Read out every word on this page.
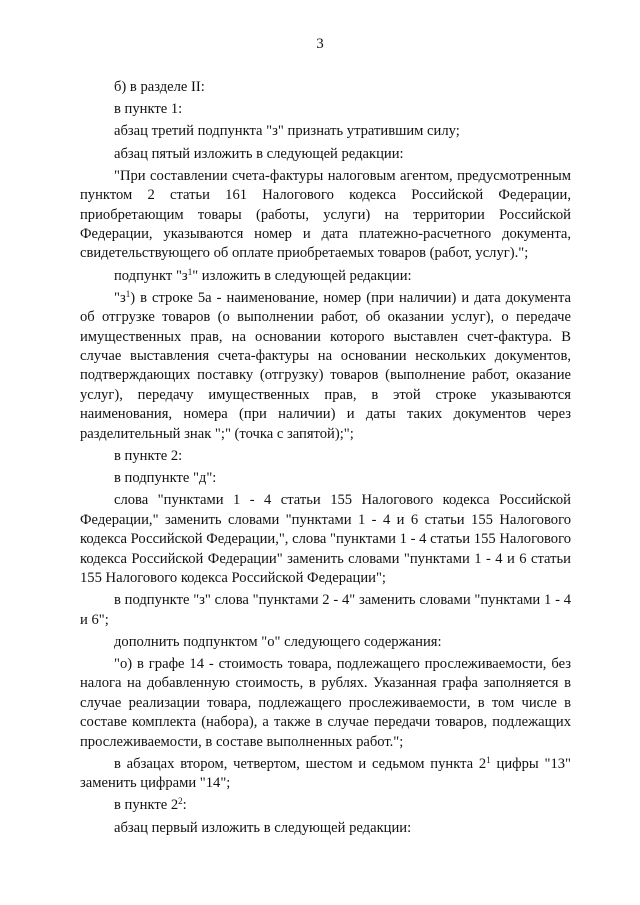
3

б) в разделе II:

в пункте 1:

абзац третий подпункта "з" признать утратившим силу;

абзац пятый изложить в следующей редакции:

"При составлении счета-фактуры налоговым агентом, предусмотренным пунктом 2 статьи 161 Налогового кодекса Российской Федерации, приобретающим товары (работы, услуги) на территории Российской Федерации, указываются номер и дата платежно-расчетного документа, свидетельствующего об оплате приобретаемых товаров (работ, услуг).";

подпункт "$з^1$" изложить в следующей редакции:

"$з^1$) в строке 5а - наименование, номер (при наличии) и дата документа об отгрузке товаров (о выполнении работ, об оказании услуг), о передаче имущественных прав, на основании которого выставлен счет-фактура. В случае выставления счета-фактуры на основании нескольких документов, подтверждающих поставку (отгрузку) товаров (выполнение работ, оказание услуг), передачу имущественных прав, в этой строке указываются наименования, номера (при наличии) и даты таких документов через разделительный знак ";" (точка с запятой);";

в пункте 2:

в подпункте "д":

слова "пунктами 1 - 4 статьи 155 Налогового кодекса Российской Федерации," заменить словами "пунктами 1 - 4 и 6 статьи 155 Налогового кодекса Российской Федерации,", слова "пунктами 1 - 4 статьи 155 Налогового кодекса Российской Федерации" заменить словами "пунктами 1 - 4 и 6 статьи 155 Налогового кодекса Российской Федерации";

в подпункте "з" слова "пунктами 2 - 4" заменить словами "пунктами 1 - 4 и 6";

дополнить подпунктом "о" следующего содержания:

"о) в графе 14 - стоимость товара, подлежащего прослеживаемости, без налога на добавленную стоимость, в рублях. Указанная графа заполняется в случае реализации товара, подлежащего прослеживаемости, в том числе в составе комплекта (набора), а также в случае передачи товаров, подлежащих прослеживаемости, в составе выполненных работ.";

в абзацах втором, четвертом, шестом и седьмом пункта $2^1$ цифры "13" заменить цифрами "14";

в пункте $2^2$:

абзац первый изложить в следующей редакции:
